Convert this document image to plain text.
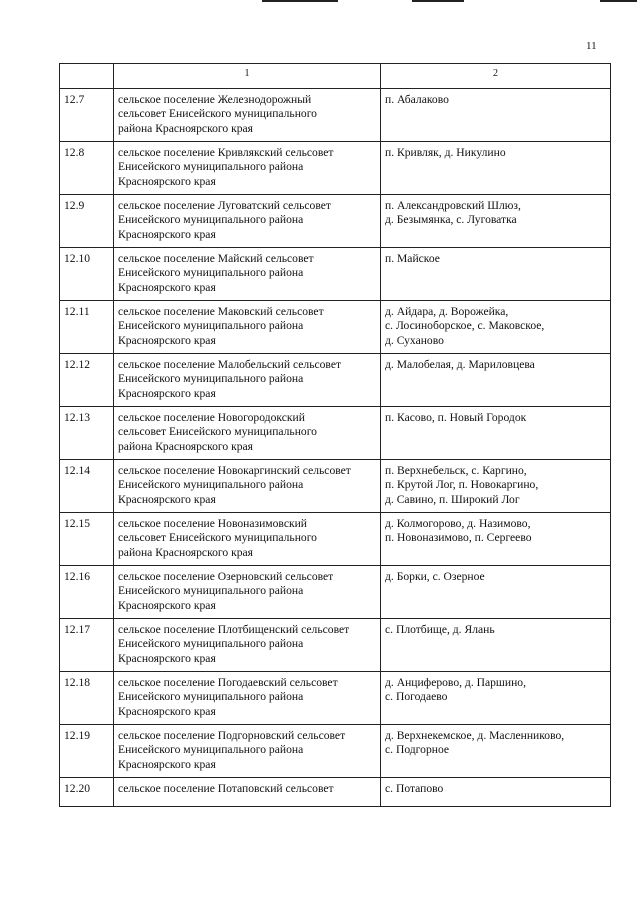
11
	1	2
12.7	сельское поселение Железнодорожный
сельсовет Енисейского муниципального
района Красноярского края	п. Абалаково
12.8	сельское поселение Кривлякский сельсовет
Енисейского муниципального района
Красноярского края	п. Кривляк, д. Никулино
12.9	сельское поселение Луговатский сельсовет
Енисейского муниципального района
Красноярского края	п. Александровский Шлюз,
д. Безымянка, с. Луговатка
12.10	сельское поселение Майский сельсовет
Енисейского муниципального района
Красноярского края	п. Майское
12.11	сельское поселение Маковский сельсовет
Енисейского муниципального района
Красноярского края	д. Айдара, д. Ворожейка,
с. Лосиноборское, с. Маковское,
д. Суханово
12.12	сельское поселение Малобельский сельсовет
Енисейского муниципального района
Красноярского края	д. Малобелая, д. Мариловцева
12.13	сельское поселение Новогородокский
сельсовет Енисейского муниципального
района Красноярского края	п. Касово, п. Новый Городок
12.14	сельское поселение Новокаргинский сельсовет
Енисейского муниципального района
Красноярского края	п. Верхнебельск, с. Каргино,
п. Крутой Лог, п. Новокаргино,
д. Савино, п. Широкий Лог
12.15	сельское поселение Новоназимовский
сельсовет Енисейского муниципального
района Красноярского края	д. Колмогорово, д. Назимово,
п. Новоназимово, п. Сергеево
12.16	сельское поселение Озерновский сельсовет
Енисейского муниципального района
Красноярского края	д. Борки, с. Озерное
12.17	сельское поселение Плотбищенский сельсовет
Енисейского муниципального района
Красноярского края	с. Плотбище, д. Ялань
12.18	сельское поселение Погодаевский сельсовет
Енисейского муниципального района
Красноярского края	д. Анциферово, д. Паршино,
с. Погодаево
12.19	сельское поселение Подгорновский сельсовет
Енисейского муниципального района
Красноярского края	д. Верхнекемское, д. Масленниково,
с. Подгорное
12.20	сельское поселение Потаповский сельсовет	с. Потапово
